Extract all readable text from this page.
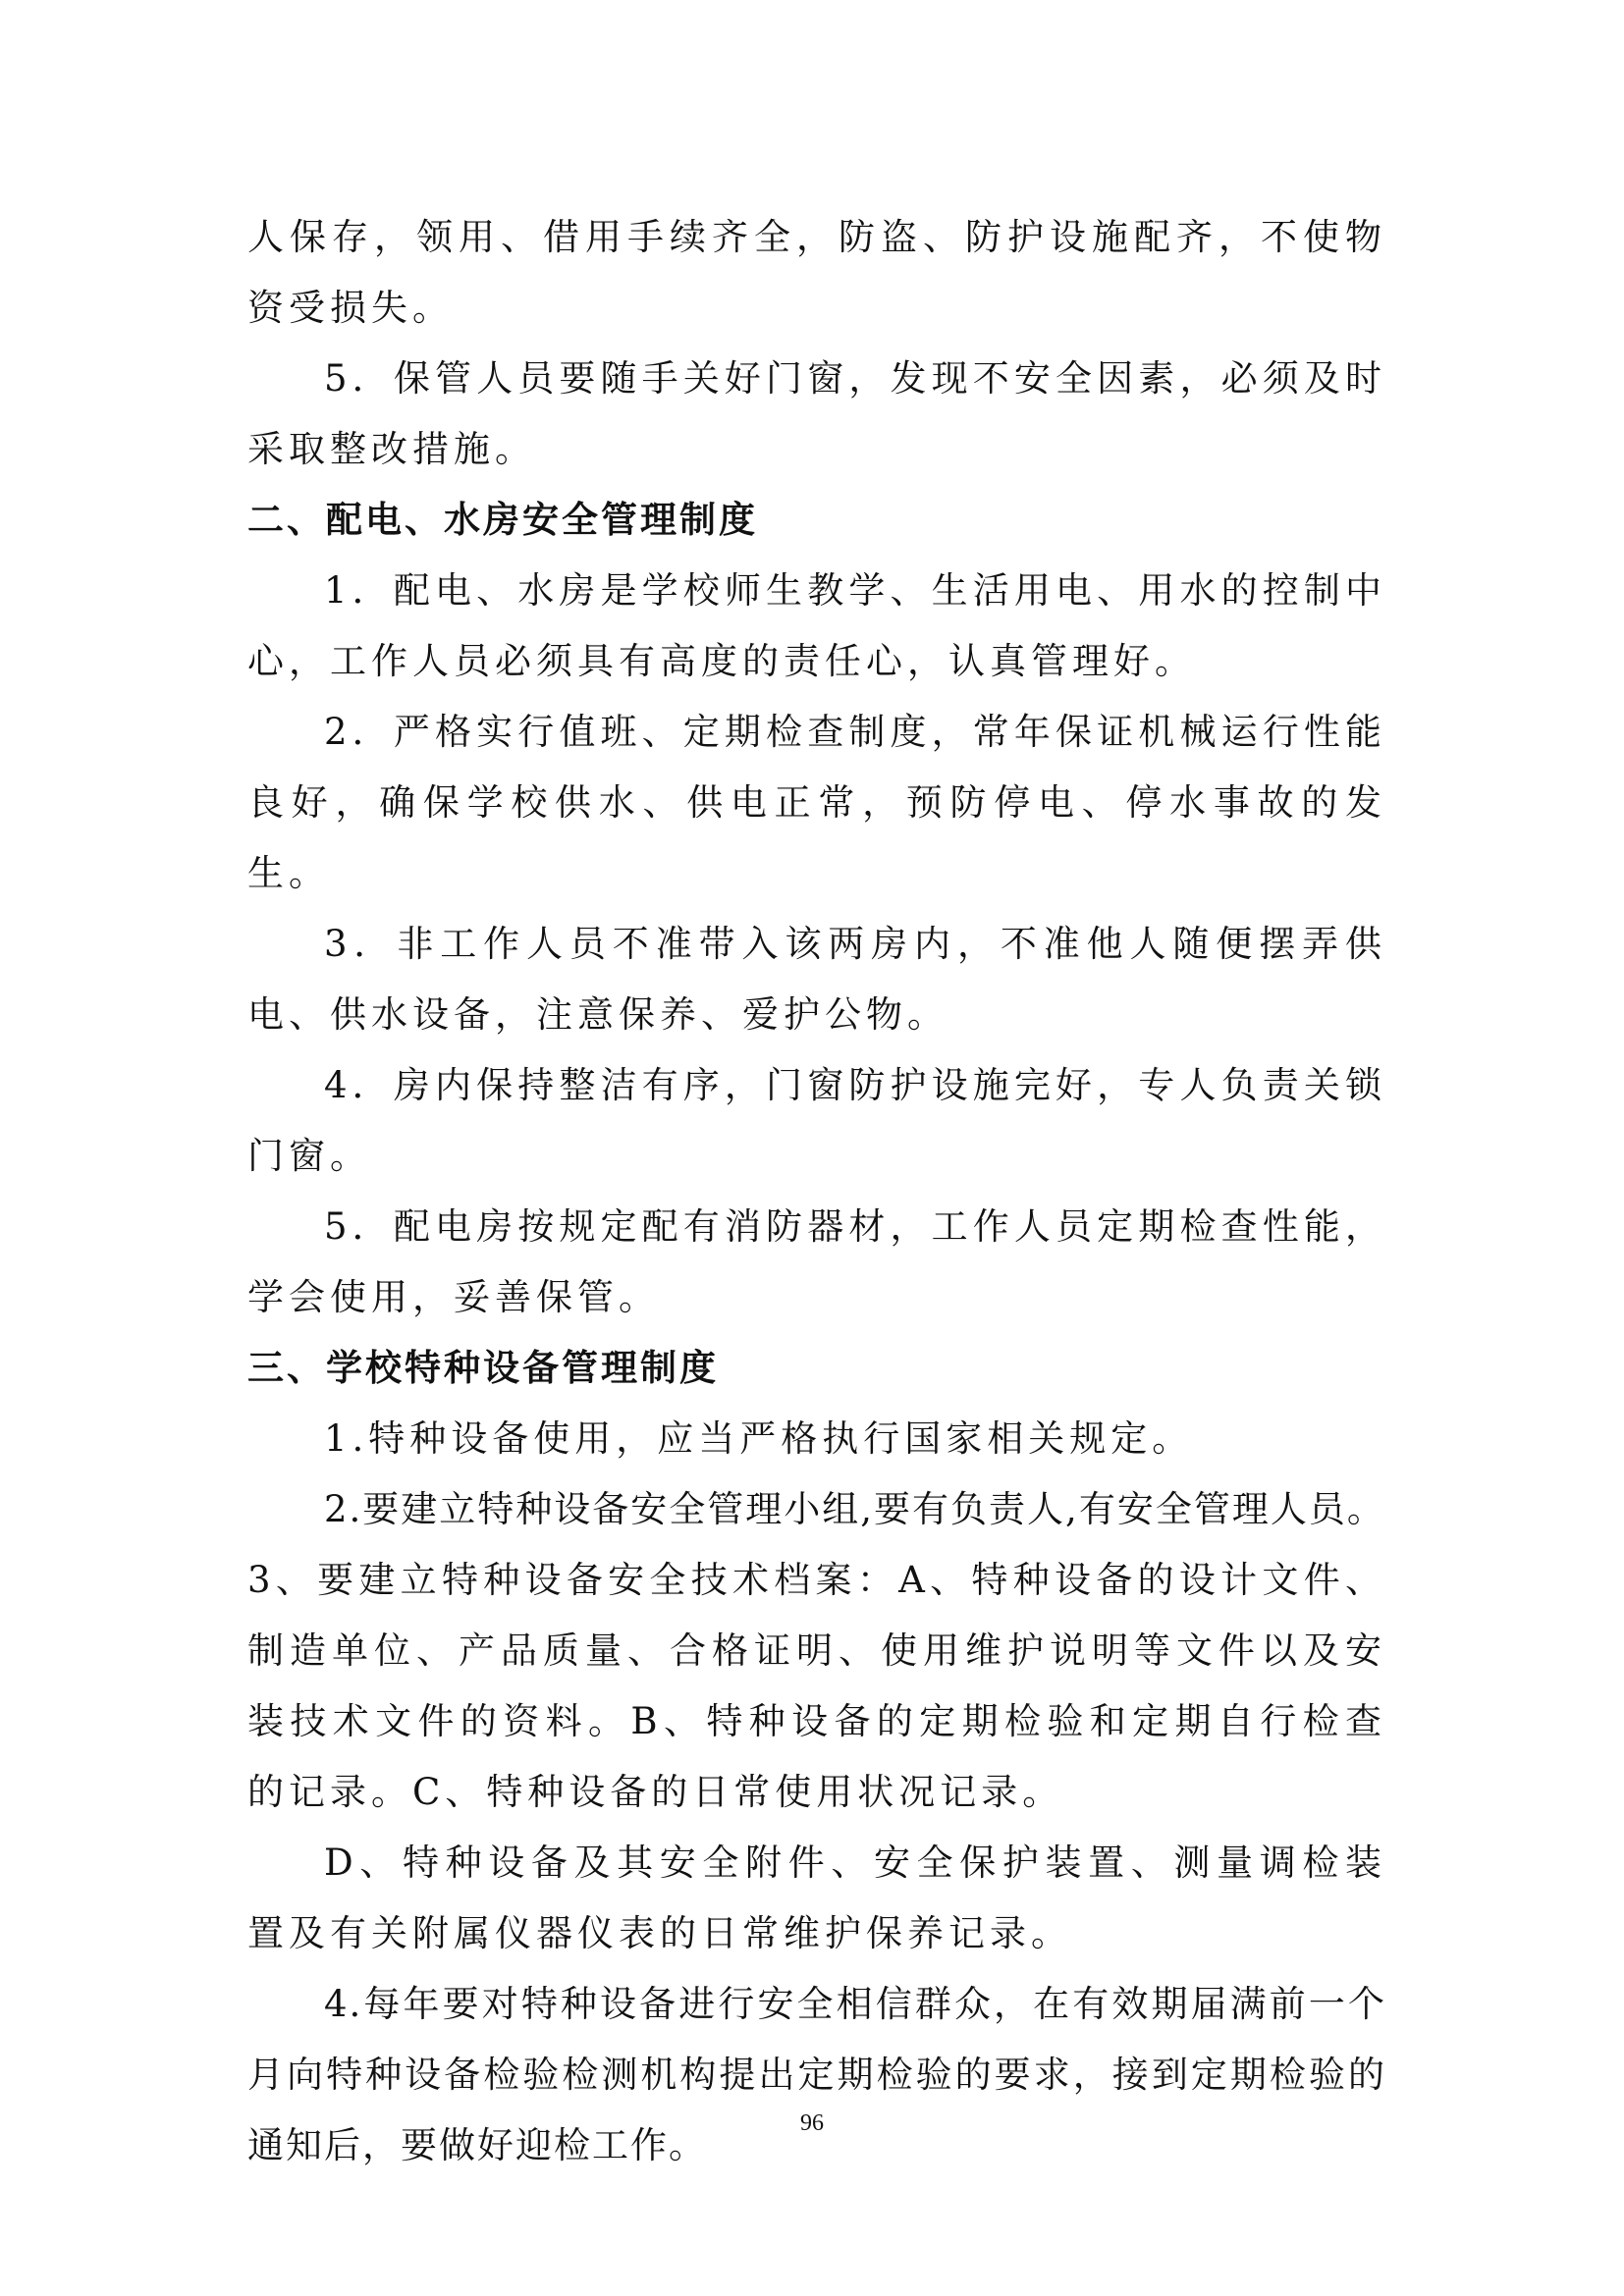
人保存，领用、借用手续齐全，防盗、防护设施配齐，不使物资受损失。

5．保管人员要随手关好门窗，发现不安全因素，必须及时采取整改措施。

二、配电、水房安全管理制度

1．配电、水房是学校师生教学、生活用电、用水的控制中心，工作人员必须具有高度的责任心，认真管理好。

2．严格实行值班、定期检查制度，常年保证机械运行性能良好，确保学校供水、供电正常，预防停电、停水事故的发生。

3．非工作人员不准带入该两房内，不准他人随便摆弄供电、供水设备，注意保养、爱护公物。

4．房内保持整洁有序，门窗防护设施完好，专人负责关锁门窗。

5．配电房按规定配有消防器材，工作人员定期检查性能，学会使用，妥善保管。

三、学校特种设备管理制度

1.特种设备使用，应当严格执行国家相关规定。

2.要建立特种设备安全管理小组,要有负责人,有安全管理人员。

3、要建立特种设备安全技术档案：A、特种设备的设计文件、制造单位、产品质量、合格证明、使用维护说明等文件以及安装技术文件的资料。B、特种设备的定期检验和定期自行检查的记录。C、特种设备的日常使用状况记录。

D、特种设备及其安全附件、安全保护装置、测量调检装置及有关附属仪器仪表的日常维护保养记录。

4.每年要对特种设备进行安全相信群众，在有效期届满前一个月向特种设备检验检测机构提出定期检验的要求，接到定期检验的通知后，要做好迎检工作。

96
